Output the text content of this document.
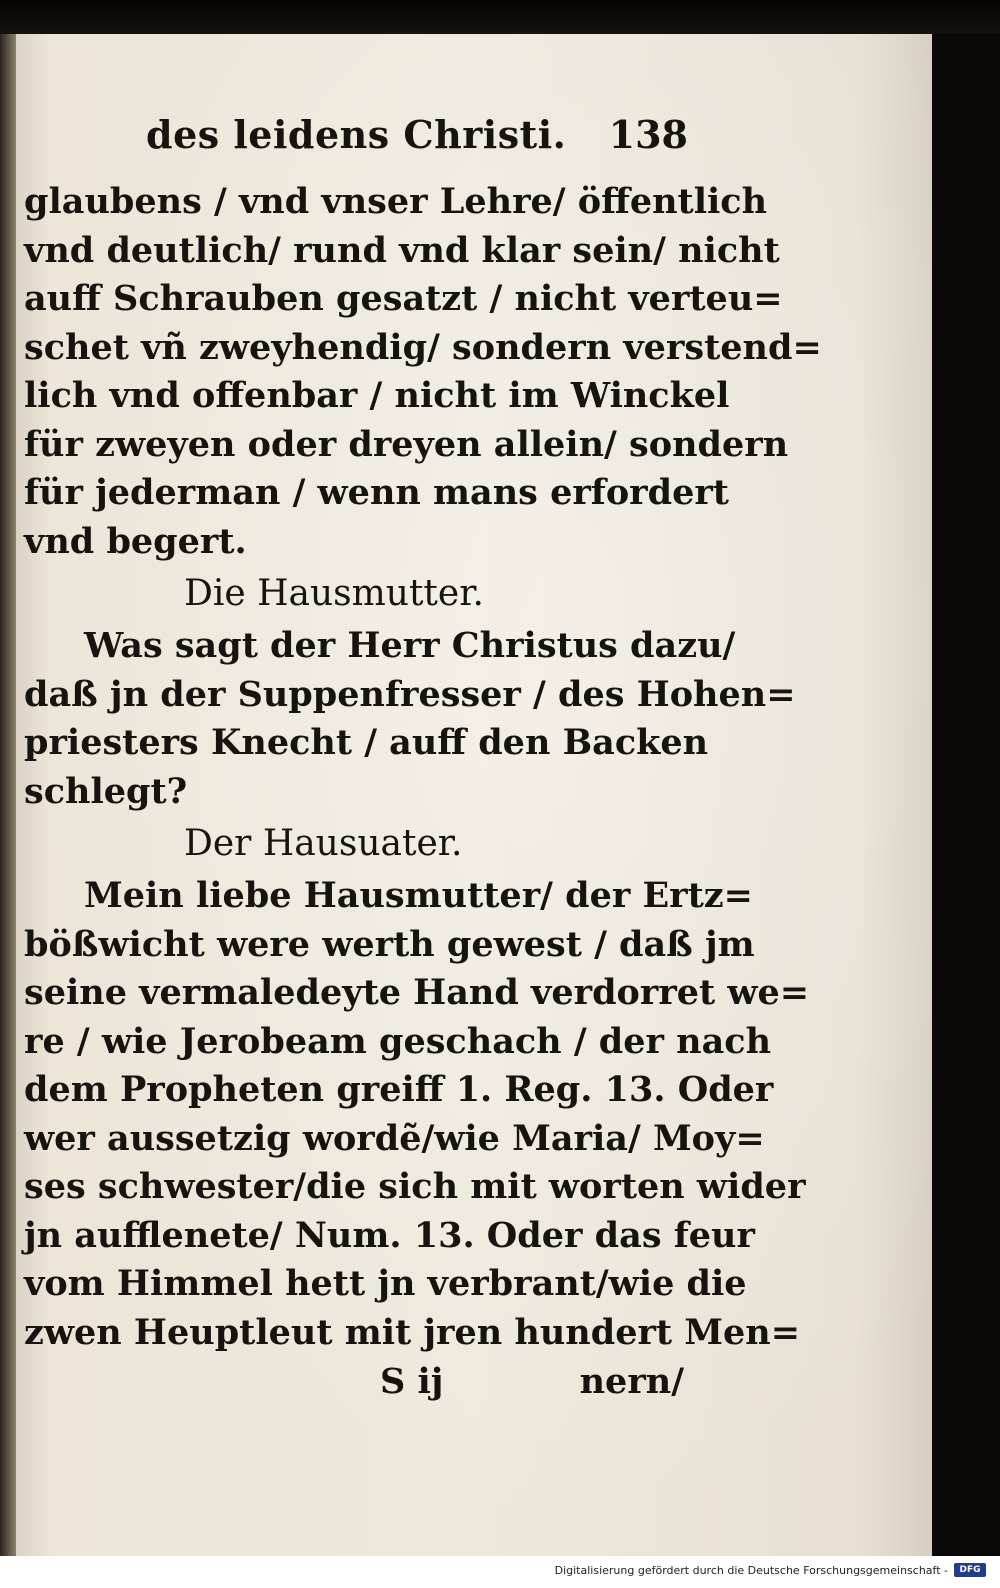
des leidens Christi. 138
glaubens / vnd vnser Lehre/ öffentlich
vnd deutlich/ rund vnd klar sein/ nicht
auff Schrauben gesatzt / nicht verteu=
schet vñ zweyhendig/ sondern verstend=
lich vnd offenbar / nicht im Winckel
für zweyen oder dreyen allein/ sondern
für jederman / wenn mans erfordert
vnd begert.
Die Hausmutter.
Was sagt der Herr Christus dazu/
daß jn der Suppenfresser / des Hohen=
priesters Knecht / auff den Backen
schlegt?
Der Hausuater.
Mein liebe Hausmutter/ der Ertz=
bößwicht were werth gewest / daß jm
seine vermaledeyte Hand verdorret we=
re / wie Jerobeam geschach / der nach
dem Propheten greiff 1. Reg. 13. Oder
wer aussetzig wordẽ/wie Maria/ Moy=
ses schwester/die sich mit worten wider
jn aufflenete/ Num. 13. Oder das feur
vom Himmel hett jn verbrant/wie die
zwen Heuptleut mit jren hundert Men=
S ij	nern/
Digitalisierung gefördert durch die Deutsche Forschungsgemeinschaft -	DFG
